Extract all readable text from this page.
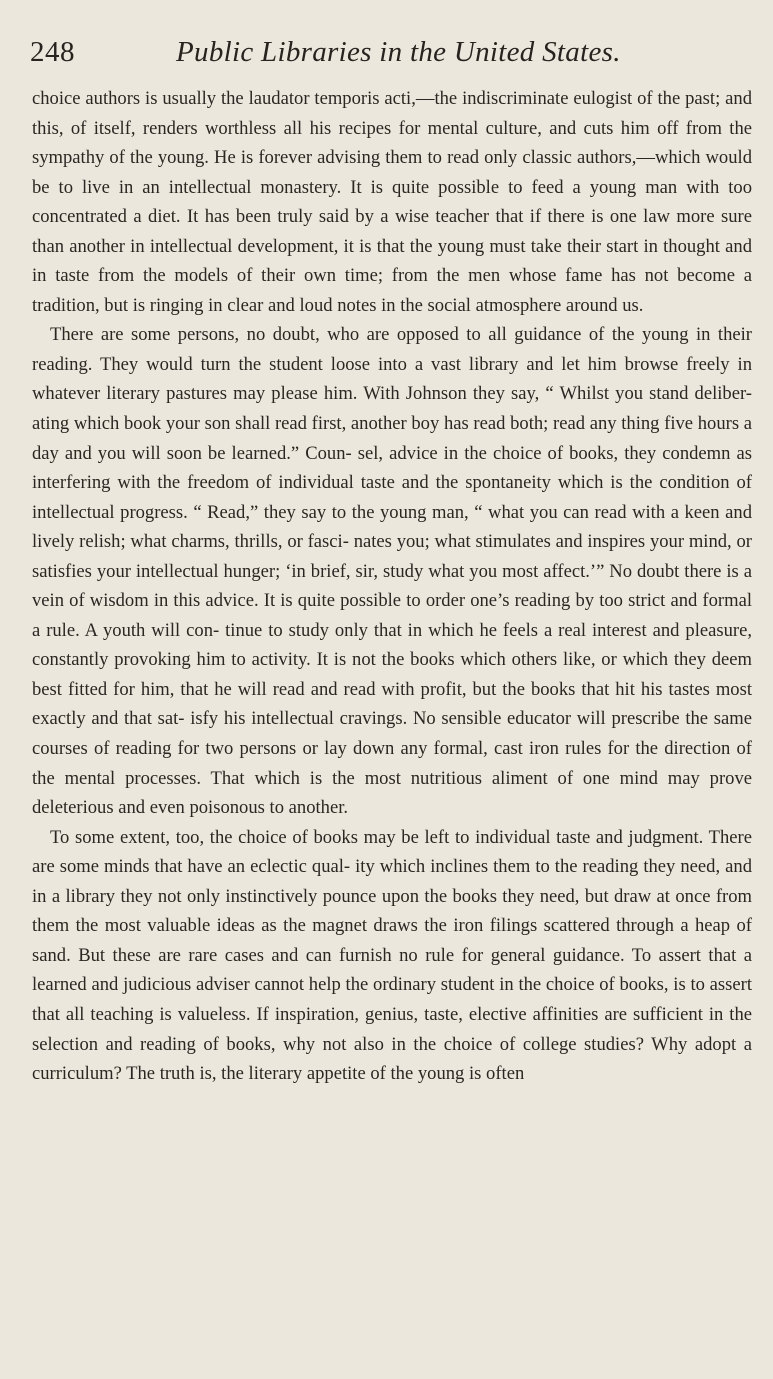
248	Public Libraries in the United States.

choice authors is usually the laudator temporis acti,—the indiscriminate eulogist of the past; and this, of itself, renders worthless all his recipes for mental culture, and cuts him off from the sympathy of the young. He is forever advising them to read only classic authors,—which would be to live in an intellectual monastery. It is quite possible to feed a young man with too concentrated a diet. It has been truly said by a wise teacher that if there is one law more sure than another in intellectual development, it is that the young must take their start in thought and in taste from the models of their own time; from the men whose fame has not become a tradition, but is ringing in clear and loud notes in the social atmosphere around us.

There are some persons, no doubt, who are opposed to all guidance of the young in their reading. They would turn the student loose into a vast library and let him browse freely in whatever literary pastures may please him. With Johnson they say, “ Whilst you stand deliber- ating which book your son shall read first, another boy has read both; read any thing five hours a day and you will soon be learned.” Coun- sel, advice in the choice of books, they condemn as interfering with the freedom of individual taste and the spontaneity which is the condition of intellectual progress. “ Read,” they say to the young man, “ what you can read with a keen and lively relish; what charms, thrills, or fasci- nates you; what stimulates and inspires your mind, or satisfies your intellectual hunger; ‘in brief, sir, study what you most affect.’” No doubt there is a vein of wisdom in this advice. It is quite possible to order one’s reading by too strict and formal a rule. A youth will con- tinue to study only that in which he feels a real interest and pleasure, constantly provoking him to activity. It is not the books which others like, or which they deem best fitted for him, that he will read and read with profit, but the books that hit his tastes most exactly and that sat- isfy his intellectual cravings. No sensible educator will prescribe the same courses of reading for two persons or lay down any formal, cast iron rules for the direction of the mental processes. That which is the most nutritious aliment of one mind may prove deleterious and even poisonous to another.

To some extent, too, the choice of books may be left to individual taste and judgment. There are some minds that have an eclectic qual- ity which inclines them to the reading they need, and in a library they not only instinctively pounce upon the books they need, but draw at once from them the most valuable ideas as the magnet draws the iron filings scattered through a heap of sand. But these are rare cases and can furnish no rule for general guidance. To assert that a learned and judicious adviser cannot help the ordinary student in the choice of books, is to assert that all teaching is valueless. If inspiration, genius, taste, elective affinities are sufficient in the selection and reading of books, why not also in the choice of college studies? Why adopt a curriculum? The truth is, the literary appetite of the young is often
